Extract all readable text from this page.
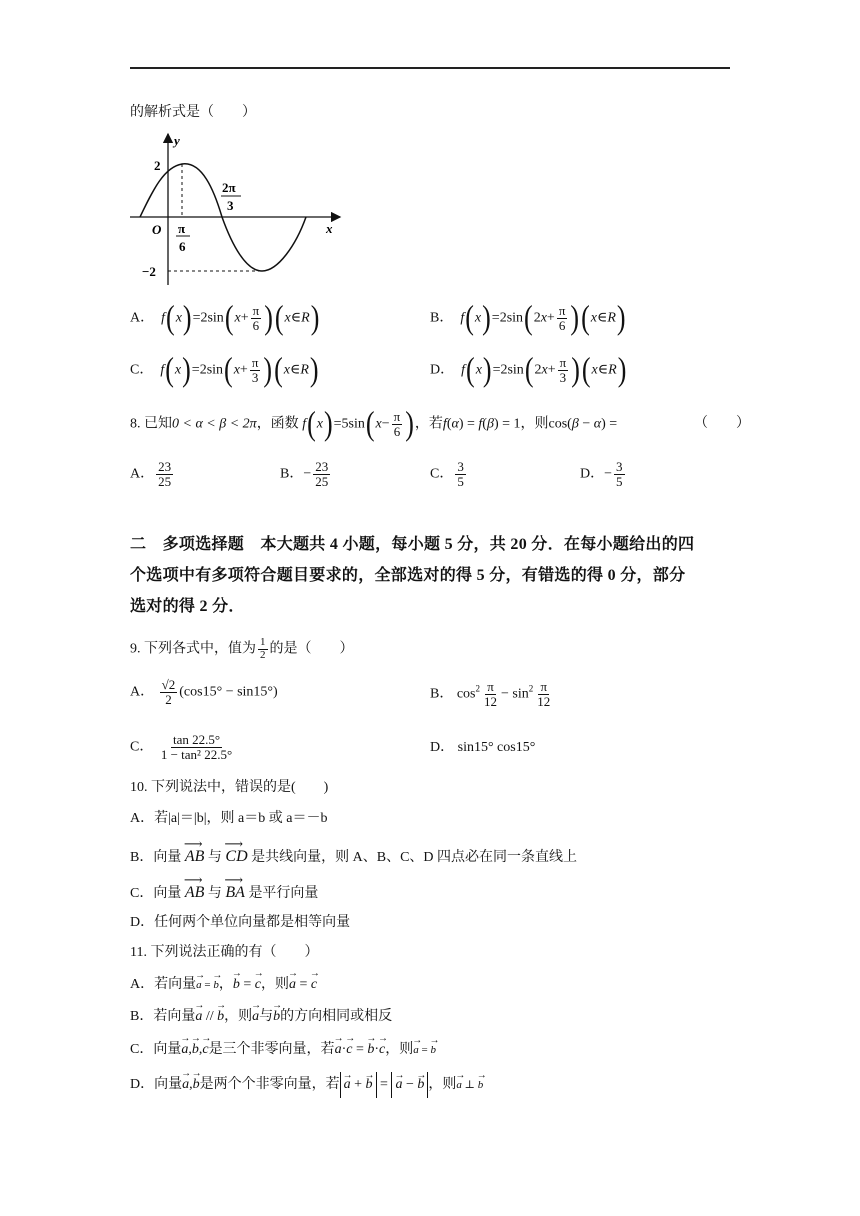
的解析式是（　　）
y
x
O
2
−2
π
6
2π
3
A．  $f(x)=2\sin(x+ \frac{\pi}{6}$ )(x∈R)	B．  $f(x)=2\sin(2x+ \frac{\pi}{6}$ )(x∈R)
C．  $f(x)=2\sin(x+ \frac{\pi}{3}$ )(x∈R)	D．  $f(x)=2\sin(2x+ \frac{\pi}{3}$ )(x∈R)
8. 已知0 < α < β < 2π，函数 $f(x)=5\sin(x- \frac{\pi}{6}$ )，若f(α) = f(β) = 1，则cos(β − α) =	（　　）
A． $\frac{23}{25}$	B．− $\frac{23}{25}$	C． $\frac{3}{5}$	D．− $\frac{3}{5}$
二　多项选择题　本大题共 4 小题，每小题 5 分，共 20 分．在每小题给出的四
个选项中有多项符合题目要求的，全部选对的得 5 分，有错选的得 0 分，部分
选对的得 2 分．
9. 下列各式中，值为 $\frac{1}{2}$ 的是（　　）
A． $\frac{√2}{2} (\cos 15^\circ - \sin 15^\circ)$	B． $\cos^2 \frac{\pi}{12} - \sin^2 \frac{\pi}{12}$
C． $\frac{\tan 22.5^\circ}{\text{1 − tan² 22.5°}}$	D． sin15° cos15°
10. 下列说法中，错误的是(　　)
A．若|a|＝|b|，则 a＝b 或 a＝－b
B．向量 ⟶ AB 与 ⟶ CD 是共线向量，则 A、B、C、D 四点必在同一条直线上
C．向量 ⟶ AB 与 ⟶ BA 是平行向量
D．任何两个单位向量都是相等向量
11. 下列说法正确的有（　　）
A．若向量→ a = → b，→ b = → c，则→ a = → c
B．若向量→ a // → b，则→ a与→ b的方向相同或相反
C．向量→ a,→ b,→ c是三个非零向量，若→ a·→ c = → b·→ c，则→ a = → b
D．向量→ a,→ b是两个个非零向量，若 → a + → b = → a − → b ，则→ a ⊥ → b
